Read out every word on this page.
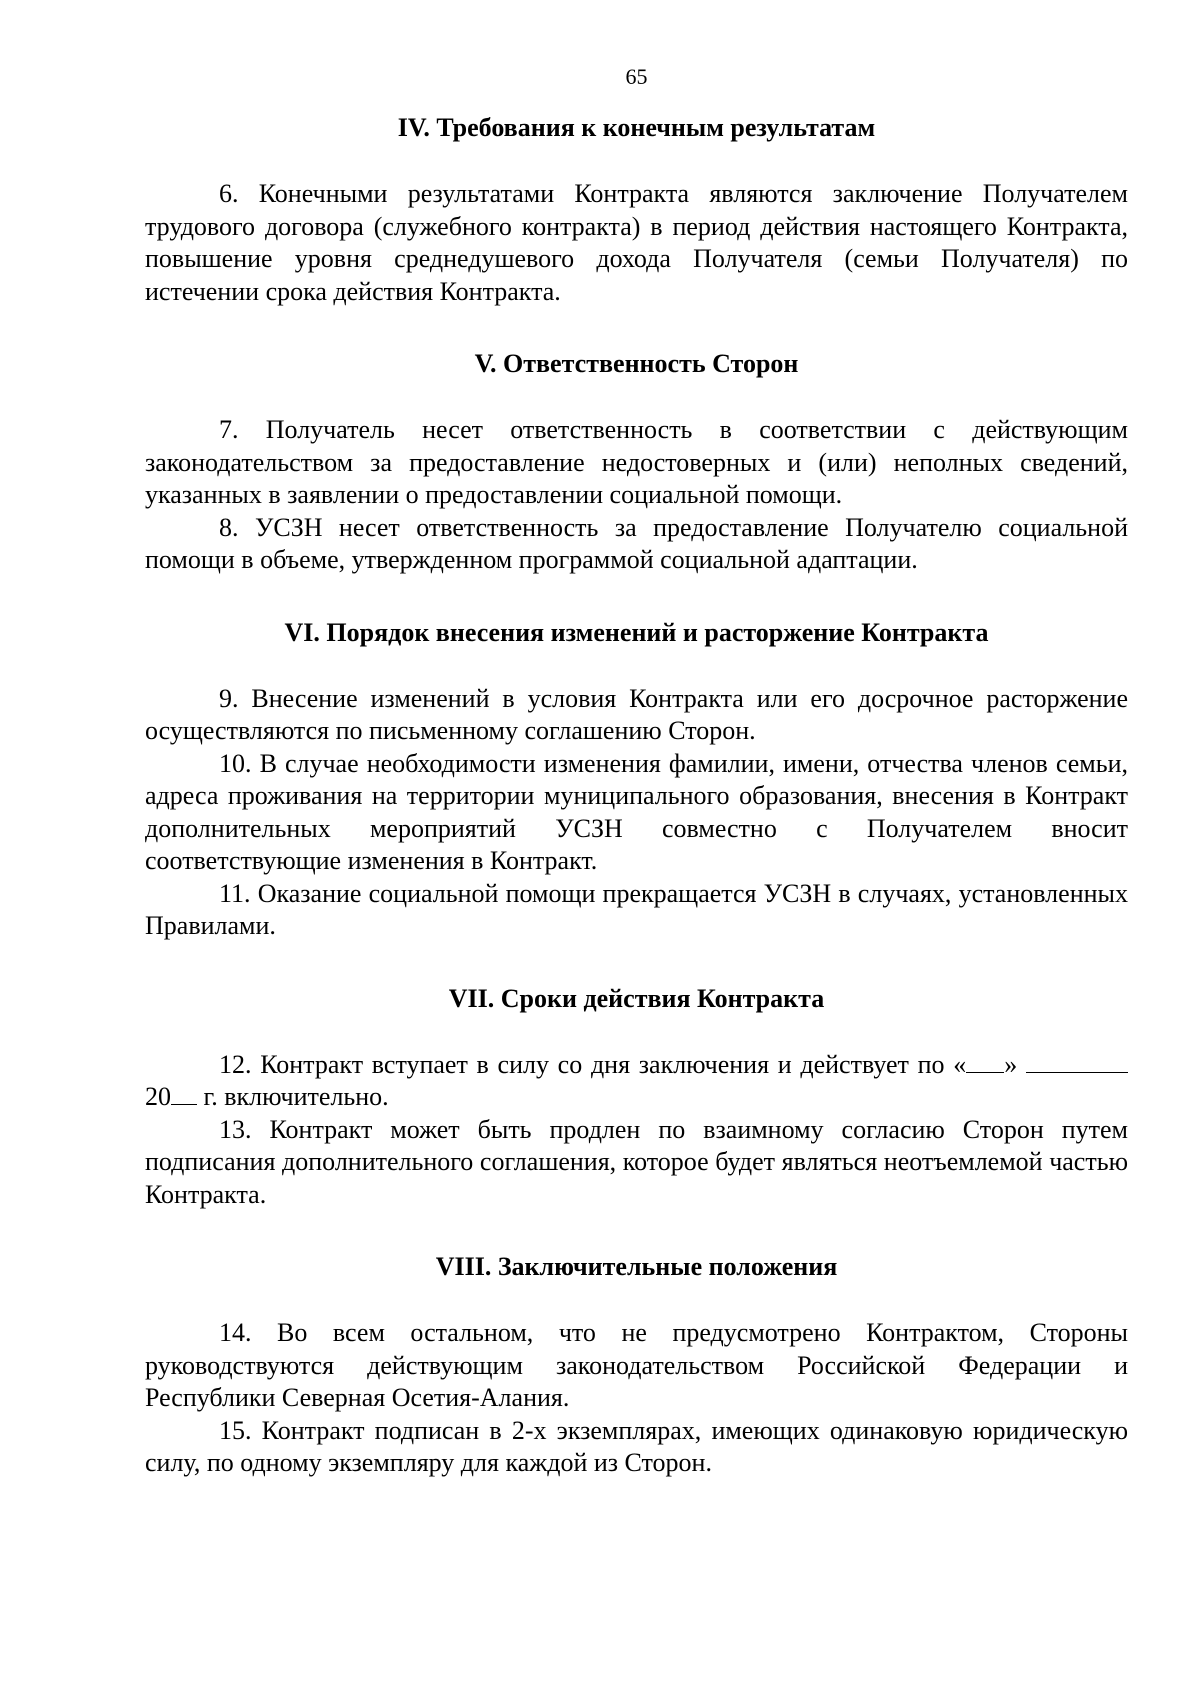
65
IV. Требования к конечным результатам

6. Конечными результатами Контракта являются заключение Получателем трудового договора (служебного контракта) в период действия настоящего Контракта, повышение уровня среднедушевого дохода Получателя (семьи Получателя) по истечении срока действия Контракта.

V. Ответственность Сторон

7. Получатель несет ответственность в соответствии с действующим законодательством за предоставление недостоверных и (или) неполных сведений, указанных в заявлении о предоставлении социальной помощи.

8. УСЗН несет ответственность за предоставление Получателю социальной помощи в объеме, утвержденном программой социальной адаптации.

VI. Порядок внесения изменений и расторжение Контракта

9. Внесение изменений в условия Контракта или его досрочное расторжение осуществляются по письменному соглашению Сторон.

10. В случае необходимости изменения фамилии, имени, отчества членов семьи, адреса проживания на территории муниципального образования, внесения в Контракт дополнительных мероприятий УСЗН совместно с Получателем вносит соответствующие изменения в Контракт.

11. Оказание социальной помощи прекращается УСЗН в случаях, установленных Правилами.

VII. Сроки действия Контракта

12. Контракт вступает в силу со дня заключения и действует по « »  20 г. включительно.

13. Контракт может быть продлен по взаимному согласию Сторон путем подписания дополнительного соглашения, которое будет являться неотъемлемой частью Контракта.

VIII. Заключительные положения

14. Во всем остальном, что не предусмотрено Контрактом, Стороны руководствуются действующим законодательством Российской Федерации и Республики Северная Осетия-Алания.

15. Контракт подписан в 2-х экземплярах, имеющих одинаковую юридическую силу, по одному экземпляру для каждой из Сторон.
